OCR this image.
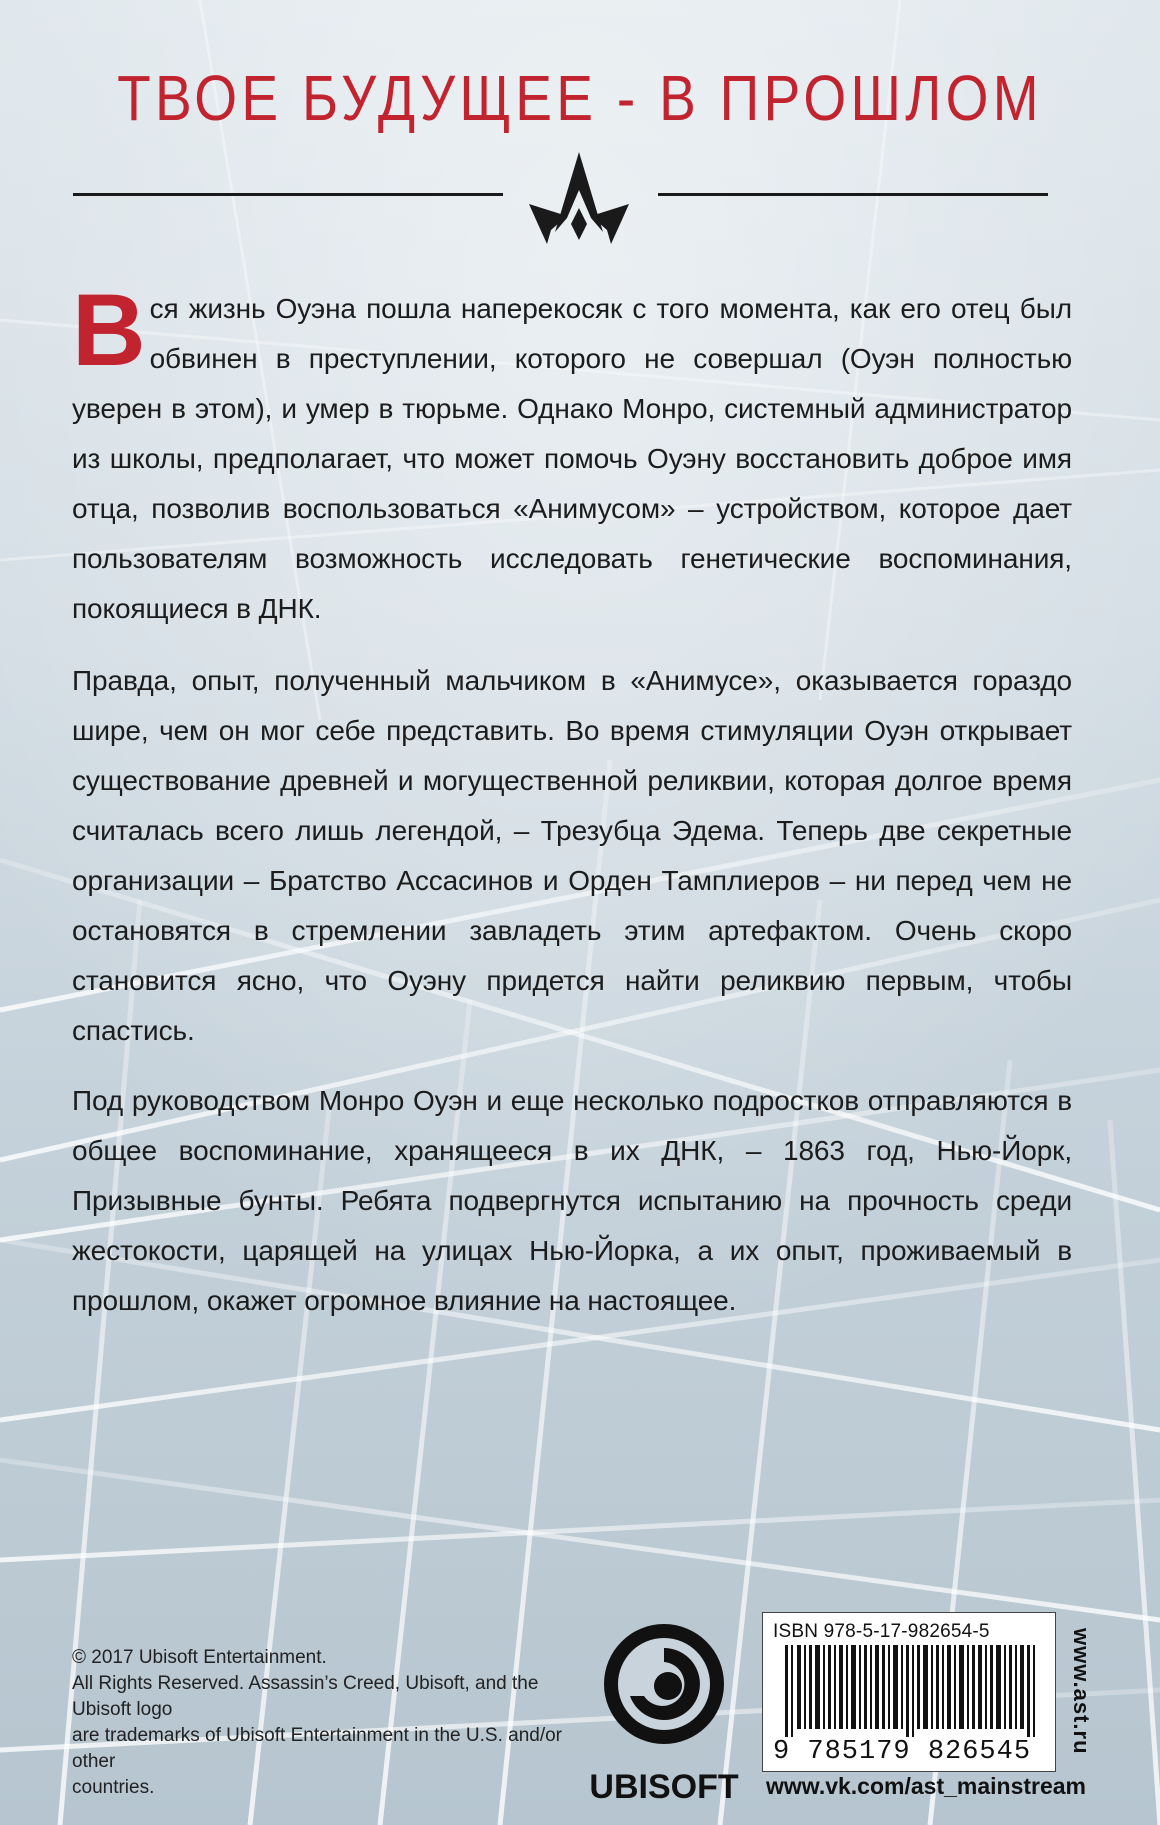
ТВОЕ БУДУЩЕЕ - В ПРОШЛОМ

Вся жизнь Оуэна пошла наперекосяк с того момента, как его отец был обвинен в преступлении, которого не совершал (Оуэн полностью уверен в этом), и умер в тюрьме. Однако Монро, системный администратор из школы, предполагает, что может помочь Оуэну восстановить доброе имя отца, позволив воспользоваться «Анимусом» – устройством, которое дает пользователям возможность исследовать генетические воспоминания, покоящиеся в ДНК.

Правда, опыт, полученный мальчиком в «Анимусе», оказывается гораздо шире, чем он мог себе представить. Во время стимуляции Оуэн открывает существование древней и могущественной реликвии, которая долгое время считалась всего лишь легендой, – Трезубца Эдема. Теперь две секретные организации – Братство Ассасинов и Орден Тамплиеров – ни перед чем не остановятся в стремлении завладеть этим артефактом. Очень скоро становится ясно, что Оуэну придется найти реликвию первым, чтобы спастись.

Под руководством Монро Оуэн и еще несколько подростков отправляются в общее воспоминание, хранящееся в их ДНК, – 1863 год, Нью-Йорк, Призывные бунты. Ребята подвергнутся испытанию на прочность среди жестокости, царящей на улицах Нью-Йорка, а их опыт, проживаемый в прошлом, окажет огромное влияние на настоящее.

© 2017 Ubisoft Entertainment.
All Rights Reserved. Assassin’s Creed, Ubisoft, and the Ubisoft logo
are trademarks of Ubisoft Entertainment in the U.S. and/or other
countries.	UBISOFT
ISBN 978-5-17-982654-5
9 785179 826545	www.ast.ru
www.vk.com/ast_mainstream
